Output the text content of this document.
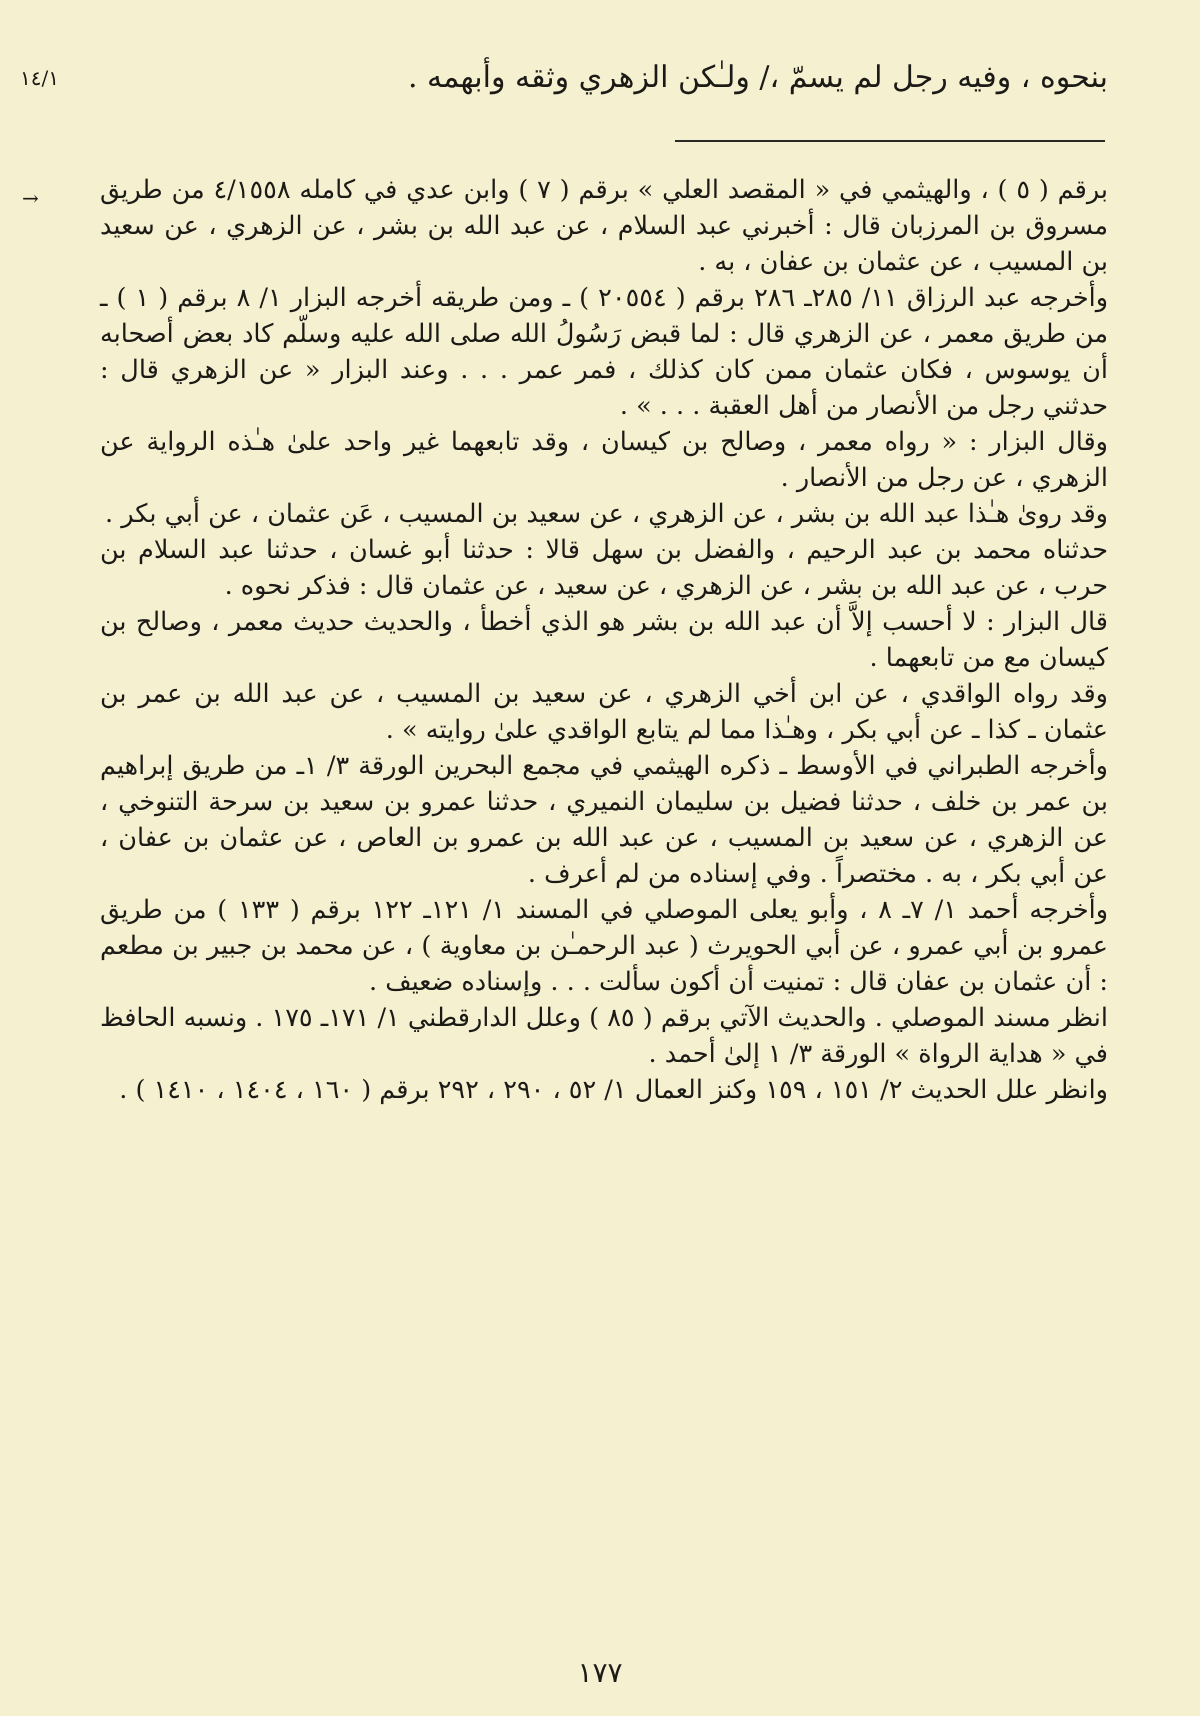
١٤/١	بنحوه ، وفيه رجل لم يسمّ ،/ ولـٰكن الزهري وثقه وأبهمه .
→ برقم ( ٥ ) ، والهيثمي في « المقصد العلي » برقم ( ٧ ) وابن عدي في كامله ٤/١٥٥٨ من طريق مسروق بن المرزبان قال : أخبرني عبد السلام ، عن عبد الله بن بشر ، عن الزهري ، عن سعيد بن المسيب ، عن عثمان بن عفان ، به .

وأخرجه عبد الرزاق ١١/ ٢٨٥ـ ٢٨٦ برقم ( ٢٠٥٥٤ ) ـ ومن طريقه أخرجه البزار ١/ ٨ برقم ( ١ ) ـ من طريق معمر ، عن الزهري قال : لما قبض رَسُولُ الله صلى الله عليه وسلّم كاد بعض أصحابه أن يوسوس ، فكان عثمان ممن كان كذلك ، فمر عمر . . . وعند البزار « عن الزهري قال : حدثني رجل من الأنصار من أهل العقبة . . . » .

وقال البزار : « رواه معمر ، وصالح بن كيسان ، وقد تابعهما غير واحد علىٰ هـٰذه الرواية عن الزهري ، عن رجل من الأنصار .

وقد رویٰ هـٰذا عبد الله بن بشر ، عن الزهري ، عن سعيد بن المسيب ، عَن عثمان ، عن أبي بكر .

حدثناه محمد بن عبد الرحيم ، والفضل بن سهل قالا : حدثنا أبو غسان ، حدثنا عبد السلام بن حرب ، عن عبد الله بن بشر ، عن الزهري ، عن سعيد ، عن عثمان قال : فذكر نحوه .

قال البزار : لا أحسب إلاَّ أن عبد الله بن بشر هو الذي أخطأ ، والحديث حديث معمر ، وصالح بن كيسان مع من تابعهما .

وقد رواه الواقدي ، عن ابن أخي الزهري ، عن سعيد بن المسيب ، عن عبد الله بن عمر بن عثمان ـ كذا ـ عن أبي بكر ، وهـٰذا مما لم يتابع الواقدي علىٰ روايته » .

وأخرجه الطبراني في الأوسط ـ ذكره الهيثمي في مجمع البحرين الورقة ٣/ ١ـ من طريق إبراهيم بن عمر بن خلف ، حدثنا فضيل بن سليمان النميري ، حدثنا عمرو بن سعيد بن سرحة التنوخي ، عن الزهري ، عن سعيد بن المسيب ، عن عبد الله بن عمرو بن العاص ، عن عثمان بن عفان ، عن أبي بكر ، به . مختصراً . وفي إسناده من لم أعرف .

وأخرجه أحمد ١/ ٧ـ ٨ ، وأبو يعلى الموصلي في المسند ١/ ١٢١ـ ١٢٢ برقم ( ١٣٣ ) من طريق عمرو بن أبي عمرو ، عن أبي الحويرث ( عبد الرحمـٰن بن معاوية ) ، عن محمد بن جبير بن مطعم : أن عثمان بن عفان قال : تمنيت أن أكون سألت . . . وإسناده ضعيف .

انظر مسند الموصلي . والحديث الآتي برقم ( ٨٥ ) وعلل الدارقطني ١/ ١٧١ـ ١٧٥ . ونسبه الحافظ في « هداية الرواة » الورقة ٣/ ١ إلىٰ أحمد .

وانظر علل الحديث ٢/ ١٥١ ، ١٥٩ وكنز العمال ١/ ٥٢ ، ٢٩٠ ، ٢٩٢ برقم ( ١٦٠ ، ١٤٠٤ ، ١٤١٠ ) .

١٧٧
